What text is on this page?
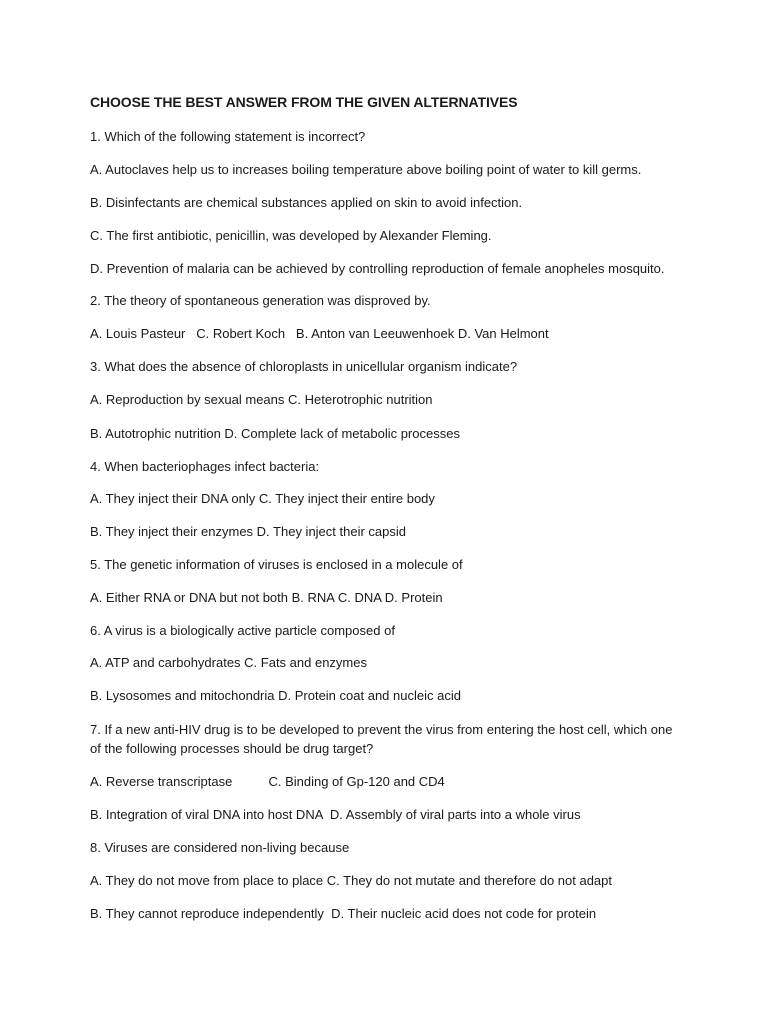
CHOOSE THE BEST ANSWER FROM THE GIVEN ALTERNATIVES
1. Which of the following statement is incorrect?
A. Autoclaves help us to increases boiling temperature above boiling point of water to kill germs.
B. Disinfectants are chemical substances applied on skin to avoid infection.
C. The first antibiotic, penicillin, was developed by Alexander Fleming.
D. Prevention of malaria can be achieved by controlling reproduction of female anopheles mosquito.
2. The theory of spontaneous generation was disproved by.
A. Louis Pasteur   C. Robert Koch   B. Anton van Leeuwenhoek D. Van Helmont
3. What does the absence of chloroplasts in unicellular organism indicate?
A. Reproduction by sexual means C. Heterotrophic nutrition
B. Autotrophic nutrition D. Complete lack of metabolic processes
4. When bacteriophages infect bacteria:
A. They inject their DNA only C. They inject their entire body
B. They inject their enzymes D. They inject their capsid
5. The genetic information of viruses is enclosed in a molecule of
A. Either RNA or DNA but not both B. RNA C. DNA D. Protein
6. A virus is a biologically active particle composed of
A. ATP and carbohydrates C. Fats and enzymes
B. Lysosomes and mitochondria D. Protein coat and nucleic acid
7. If a new anti-HIV drug is to be developed to prevent the virus from entering the host cell, which one of the following processes should be drug target?
A. Reverse transcriptase          C. Binding of Gp-120 and CD4
B. Integration of viral DNA into host DNA  D. Assembly of viral parts into a whole virus
8. Viruses are considered non-living because
A. They do not move from place to place C. They do not mutate and therefore do not adapt
B. They cannot reproduce independently  D. Their nucleic acid does not code for protein
